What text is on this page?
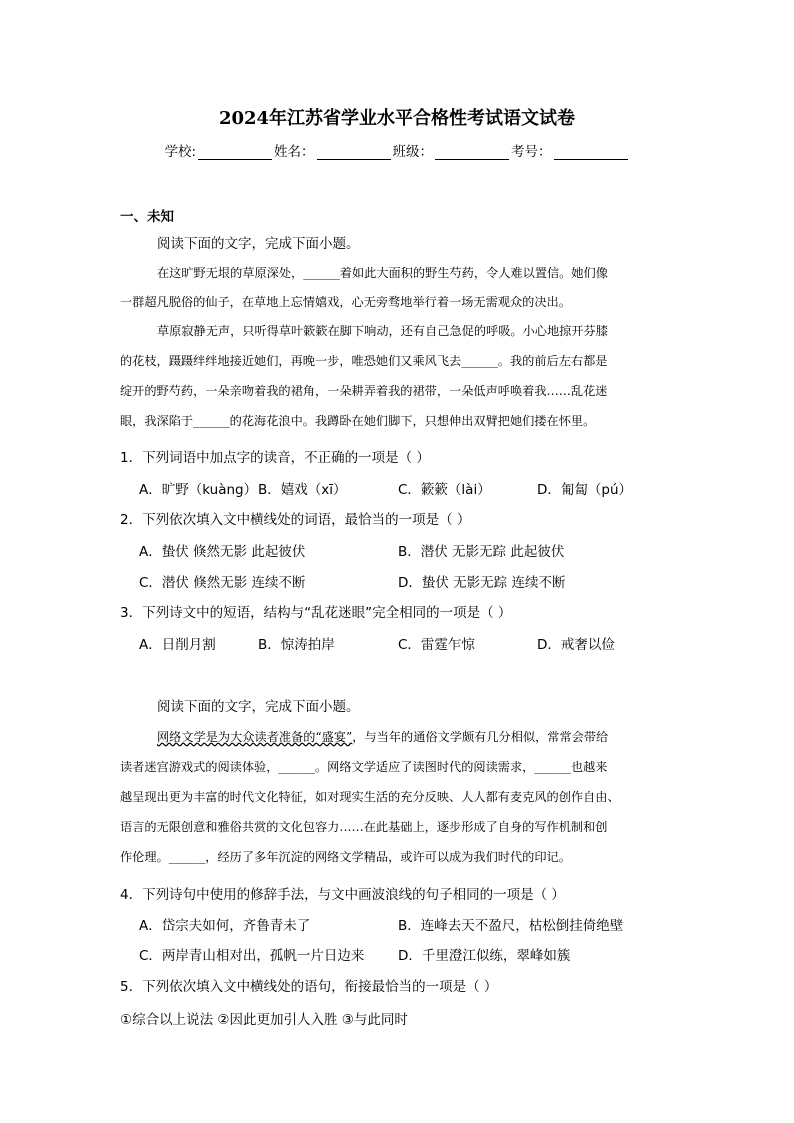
2024年江苏省学业水平合格性考试语文试卷
学校:	姓名：	班级：	考号：
一、未知
阅读下面的文字，完成下面小题。
在这旷野无垠的草原深处，______着如此大面积的野生芍药，令人难以置信。她们像
一群超凡脱俗的仙子，在草地上忘情嬉戏，心无旁骛地举行着一场无需观众的决出。
草原寂静无声，只听得草叶簌簌在脚下响动，还有自己急促的呼吸。小心地掠开芬膝
的花枝，蹑蹑绊绊地接近她们，再晚一步，唯恐她们又乘风飞去______。我的前后左右都是
绽开的野芍药，一朵亲吻着我的裙角，一朵耕弄着我的裙带，一朵低声呼唤着我……乱花迷
眼，我深陷于______的花海花浪中。我蹲卧在她们脚下，只想伸出双臂把她们搂在怀里。
1．下列词语中加点字的读音，不正确的一项是（ ）
A．旷野（kuàng） B．嬉戏（xī）	C．簌簌（lài）	D．匍匐（pú）
2．下列依次填入文中横线处的词语，最恰当的一项是（ ）
A．蛰伏 倏然无影 此起彼伏	B．潜伏 无影无踪 此起彼伏
C．潜伏 倏然无影 连续不断	D．蛰伏 无影无踪 连续不断
3．下列诗文中的短语，结构与“乱花迷眼”完全相同的一项是（ ）
A．日削月割	B．惊涛拍岸	C．雷霆乍惊	D．戒奢以俭
阅读下面的文字，完成下面小题。
网络文学是为大众读者准备的“盛宴”，与当年的通俗文学颇有几分相似，常常会带给
读者迷宫游戏式的阅读体验，______。网络文学适应了读图时代的阅读需求，______也越来
越呈现出更为丰富的时代文化特征，如对现实生活的充分反映、人人都有麦克风的创作自由、
语言的无限创意和雅俗共赏的文化包容力……在此基础上，逐步形成了自身的写作机制和创
作伦理。______，经历了多年沉淀的网络文学精品，或许可以成为我们时代的印记。
4．下列诗句中使用的修辞手法，与文中画波浪线的句子相同的一项是（ ）
A．岱宗夫如何，齐鲁青未了	B．连峰去天不盈尺，枯松倒挂倚绝壁
C．两岸青山相对出，孤帆一片日边来 D．千里澄江似练，翠峰如簇
5．下列依次填入文中横线处的语句，衔接最恰当的一项是（ ）
①综合以上说法 ②因此更加引人入胜 ③与此同时
